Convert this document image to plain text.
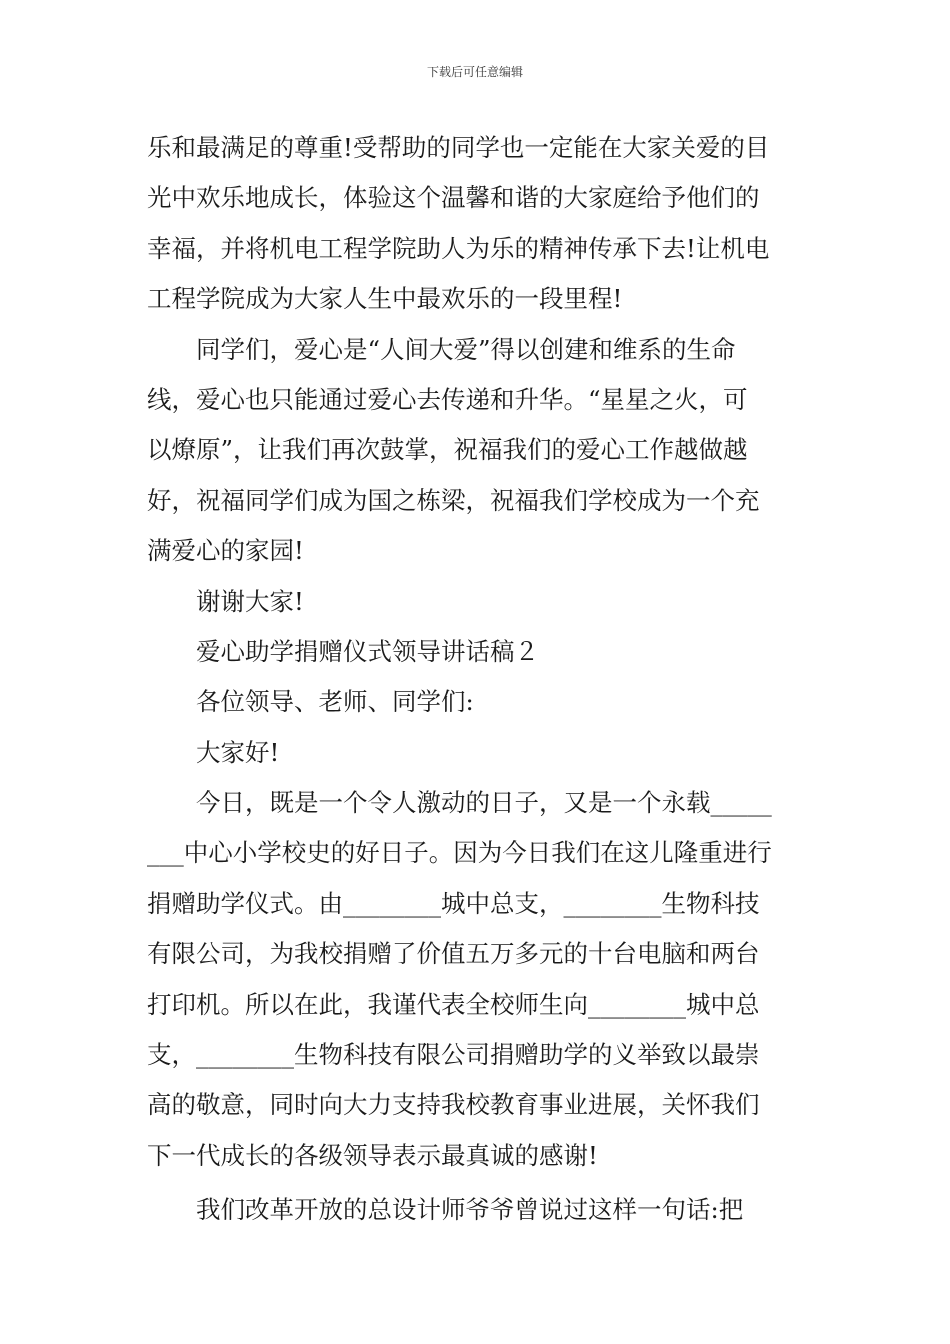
下载后可任意编辑
乐和最满足的尊重!受帮助的同学也一定能在大家关爱的目
光中欢乐地成长，体验这个温馨和谐的大家庭给予他们的
幸福，并将机电工程学院助人为乐的精神传承下去!让机电
工程学院成为大家人生中最欢乐的一段里程!
同学们，爱心是“人间大爱”得以创建和维系的生命
线，爱心也只能通过爱心去传递和升华。“星星之火，可
以燎原”，让我们再次鼓掌，祝福我们的爱心工作越做越
好，祝福同学们成为国之栋梁，祝福我们学校成为一个充
满爱心的家园!
谢谢大家!
爱心助学捐赠仪式领导讲话稿２
各位领导、老师、同学们:
大家好!
今日，既是一个令人激动的日子，又是一个永载_____
___中心小学校史的好日子。因为今日我们在这儿隆重进行
捐赠助学仪式。由________城中总支，________生物科技
有限公司，为我校捐赠了价值五万多元的十台电脑和两台
打印机。所以在此，我谨代表全校师生向________城中总
支，________生物科技有限公司捐赠助学的义举致以最崇
高的敬意，同时向大力支持我校教育事业进展，关怀我们
下一代成长的各级领导表示最真诚的感谢!
我们改革开放的总设计师爷爷曾说过这样一句话:把
